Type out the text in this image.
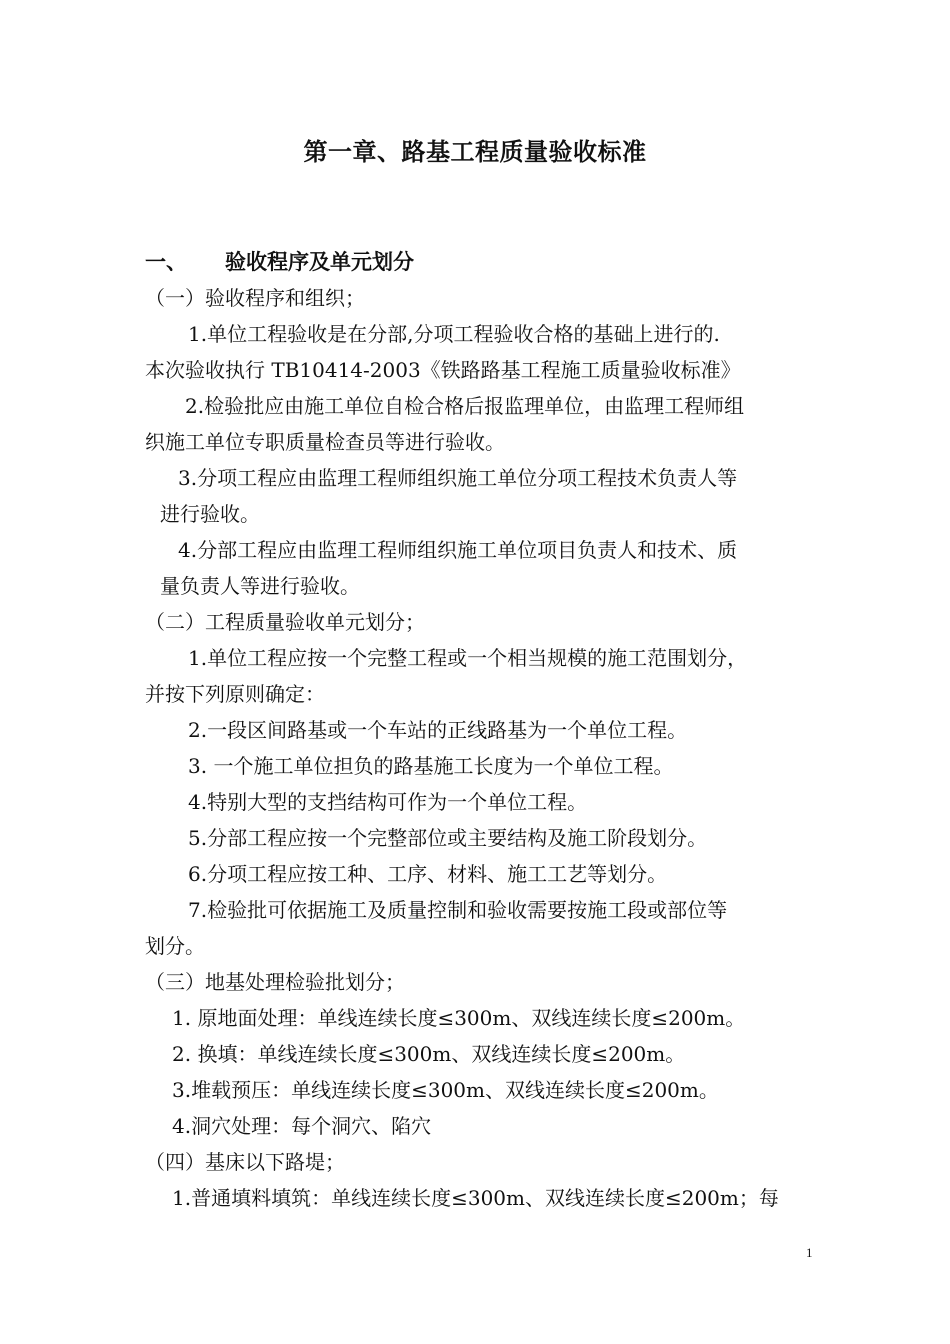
第一章、路基工程质量验收标准
一、 验收程序及单元划分
（一）验收程序和组织；
1.单位工程验收是在分部,分项工程验收合格的基础上进行的.
本次验收执行 TB10414-2003《铁路路基工程施工质量验收标准》
2.检验批应由施工单位自检合格后报监理单位，由监理工程师组
织施工单位专职质量检查员等进行验收。
3.分项工程应由监理工程师组织施工单位分项工程技术负责人等
进行验收。
4.分部工程应由监理工程师组织施工单位项目负责人和技术、质
量负责人等进行验收。
（二）工程质量验收单元划分；
1.单位工程应按一个完整工程或一个相当规模的施工范围划分，
并按下列原则确定：
2.一段区间路基或一个车站的正线路基为一个单位工程。
3. 一个施工单位担负的路基施工长度为一个单位工程。
4.特别大型的支挡结构可作为一个单位工程。
5.分部工程应按一个完整部位或主要结构及施工阶段划分。
6.分项工程应按工种、工序、材料、施工工艺等划分。
7.检验批可依据施工及质量控制和验收需要按施工段或部位等
划分。
（三）地基处理检验批划分；
1. 原地面处理：单线连续长度≤300m、双线连续长度≤200m。
2. 换填：单线连续长度≤300m、双线连续长度≤200m。
3.堆载预压：单线连续长度≤300m、双线连续长度≤200m。
4.洞穴处理：每个洞穴、陷穴
（四）基床以下路堤；
1.普通填料填筑：单线连续长度≤300m、双线连续长度≤200m；每
1
